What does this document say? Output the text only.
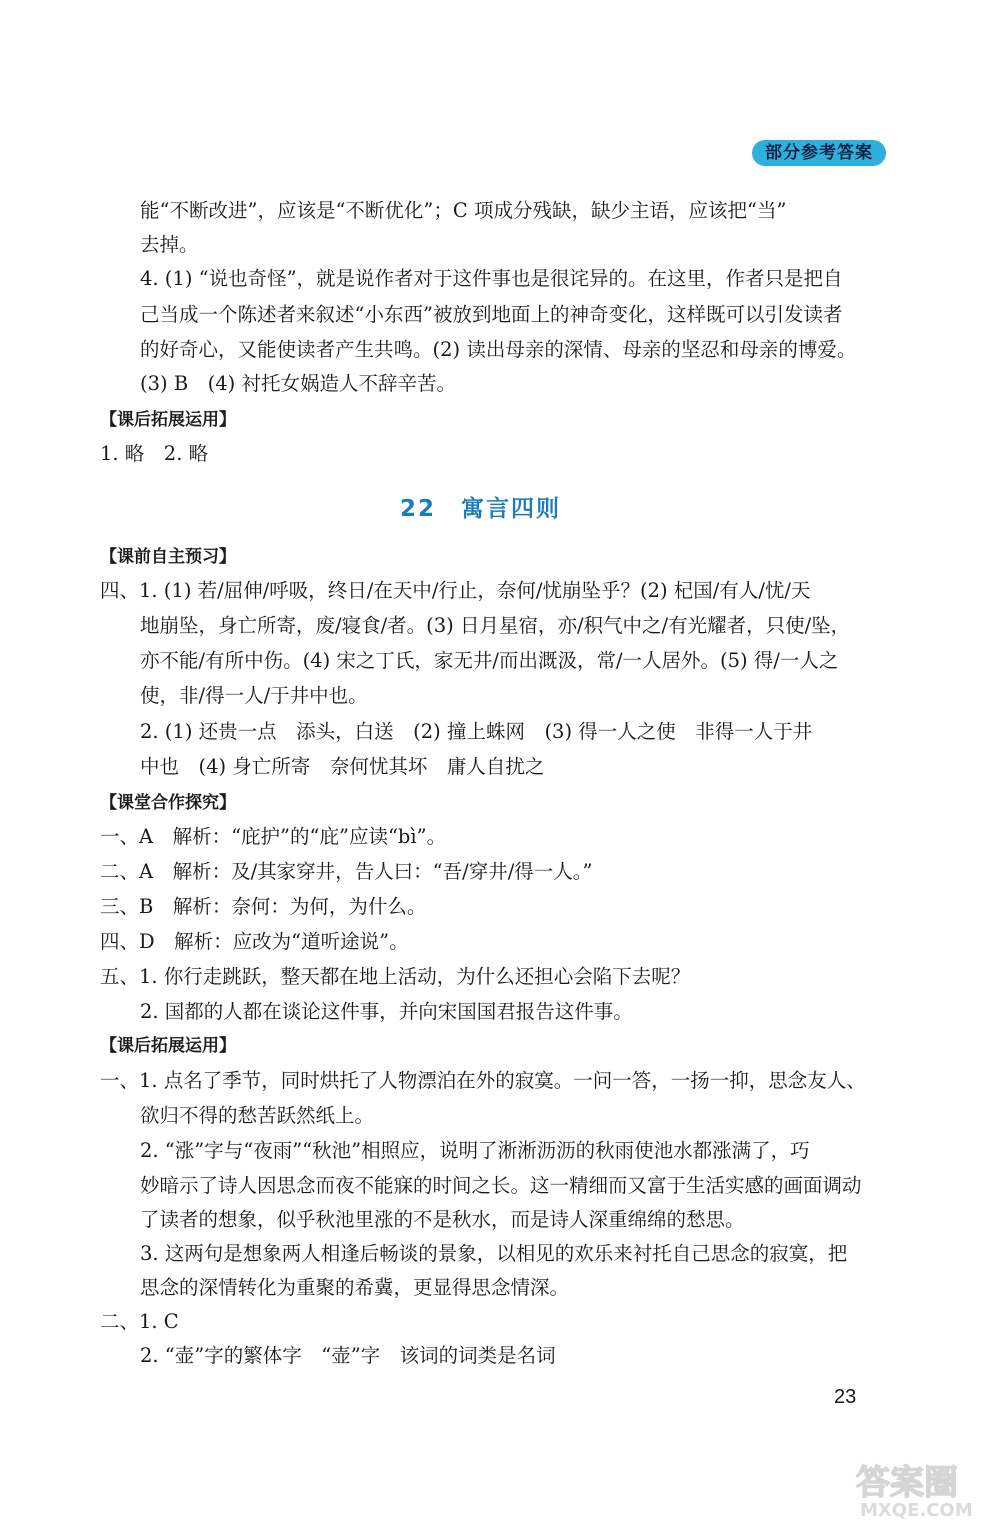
部分参考答案
能“不断改进”，应该是“不断优化”；C 项成分残缺，缺少主语，应该把“当”
去掉。
4. (1) “说也奇怪”，就是说作者对于这件事也是很诧异的。在这里，作者只是把自
己当成一个陈述者来叙述“小东西”被放到地面上的神奇变化，这样既可以引发读者
的好奇心，又能使读者产生共鸣。(2) 读出母亲的深情、母亲的坚忍和母亲的博爱。
(3) B　(4) 衬托女娲造人不辞辛苦。
【课后拓展运用】
1. 略　2. 略
22　寓言四则
【课前自主预习】
四、1. (1) 若/屈伸/呼吸，终日/在天中/行止，奈何/忧崩坠乎？(2) 杞国/有人/忧/天
地崩坠，身亡所寄，废/寝食/者。(3) 日月星宿，亦/积气中之/有光耀者，只使/坠，
亦不能/有所中伤。(4) 宋之丁氏，家无井/而出溉汲，常/一人居外。(5) 得/一人之
使，非/得一人/于井中也。
2. (1) 还贵一点　添头，白送　(2) 撞上蛛网　(3) 得一人之使　非得一人于井
中也　(4) 身亡所寄　奈何忧其坏　庸人自扰之
【课堂合作探究】
一、A　解析：“庇护”的“庇”应读“bì”。
二、A　解析：及/其家穿井，告人曰：“吾/穿井/得一人。”
三、B　解析：奈何：为何，为什么。
四、D　解析：应改为“道听途说”。
五、1. 你行走跳跃，整天都在地上活动，为什么还担心会陷下去呢？
2. 国都的人都在谈论这件事，并向宋国国君报告这件事。
【课后拓展运用】
一、1. 点名了季节，同时烘托了人物漂泊在外的寂寞。一问一答，一扬一抑，思念友人、
欲归不得的愁苦跃然纸上。
2. “涨”字与“夜雨”“秋池”相照应，说明了淅淅沥沥的秋雨使池水都涨满了，巧
妙暗示了诗人因思念而夜不能寐的时间之长。这一精细而又富于生活实感的画面调动
了读者的想象，似乎秋池里涨的不是秋水，而是诗人深重绵绵的愁思。
3. 这两句是想象两人相逢后畅谈的景象，以相见的欢乐来衬托自己思念的寂寞，把
思念的深情转化为重聚的希冀，更显得思念情深。
二、1. C
2. “壶”字的繁体字　“壶”字　该词的词类是名词
23
答案圈
MXQE.COM
